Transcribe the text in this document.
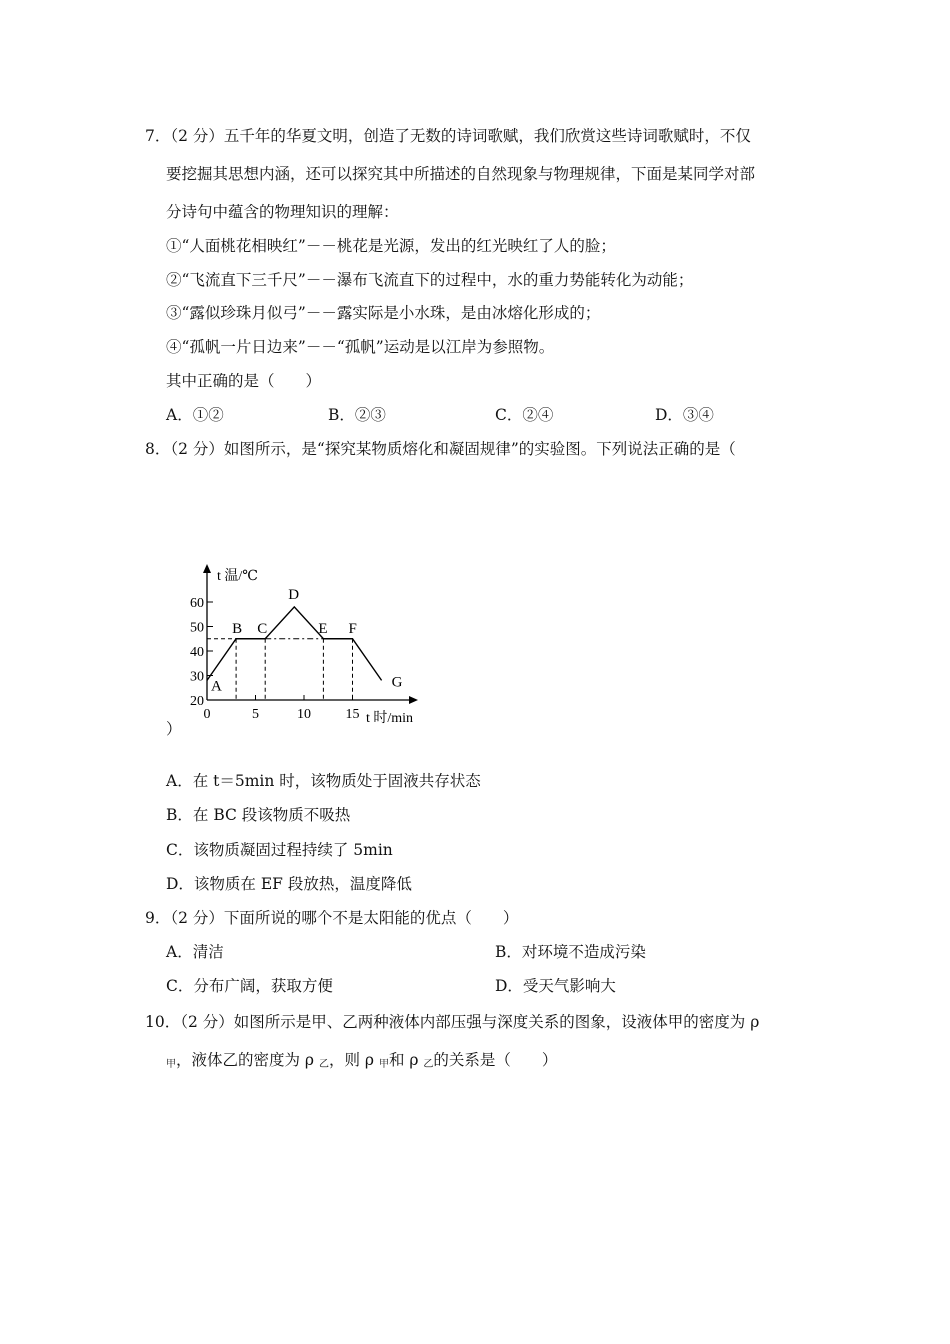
7．（2 分）五千年的华夏文明，创造了无数的诗词歌赋，我们欣赏这些诗词歌赋时，不仅
要挖掘其思想内涵，还可以探究其中所描述的自然现象与物理规律，下面是某同学对部
分诗句中蕴含的物理知识的理解：
①“人面桃花相映红”－－桃花是光源，发出的红光映红了人的脸；
②“飞流直下三千尺”－－瀑布飞流直下的过程中，水的重力势能转化为动能；
③“露似珍珠月似弓”－－露实际是小水珠，是由冰熔化形成的；
④“孤帆一片日边来”－－“孤帆”运动是以江岸为参照物。
其中正确的是（　　）
A．①②	B．②③	C．②④	D．③④
8．（2 分）如图所示，是“探究某物质熔化和凝固规律”的实验图。下列说法正确的是（
20
30
40
50
60
0	5	10 15
t 温/℃
t 时/min
A
B C
D
E F
G
）
A．在 t＝5min 时，该物质处于固液共存状态
B．在 BC 段该物质不吸热
C．该物质凝固过程持续了 5min
D．该物质在 EF 段放热，温度降低
9．（2 分）下面所说的哪个不是太阳能的优点（　　）
A．清洁	B．对环境不造成污染
C．分布广阔，获取方便	D．受天气影响大
10．（2 分）如图所示是甲、乙两种液体内部压强与深度关系的图象，设液体甲的密度为 ρ
$_甲$，液体乙的密度为 ρ $_乙$，则 ρ $_甲$和 ρ $_乙$的关系是（　　）
